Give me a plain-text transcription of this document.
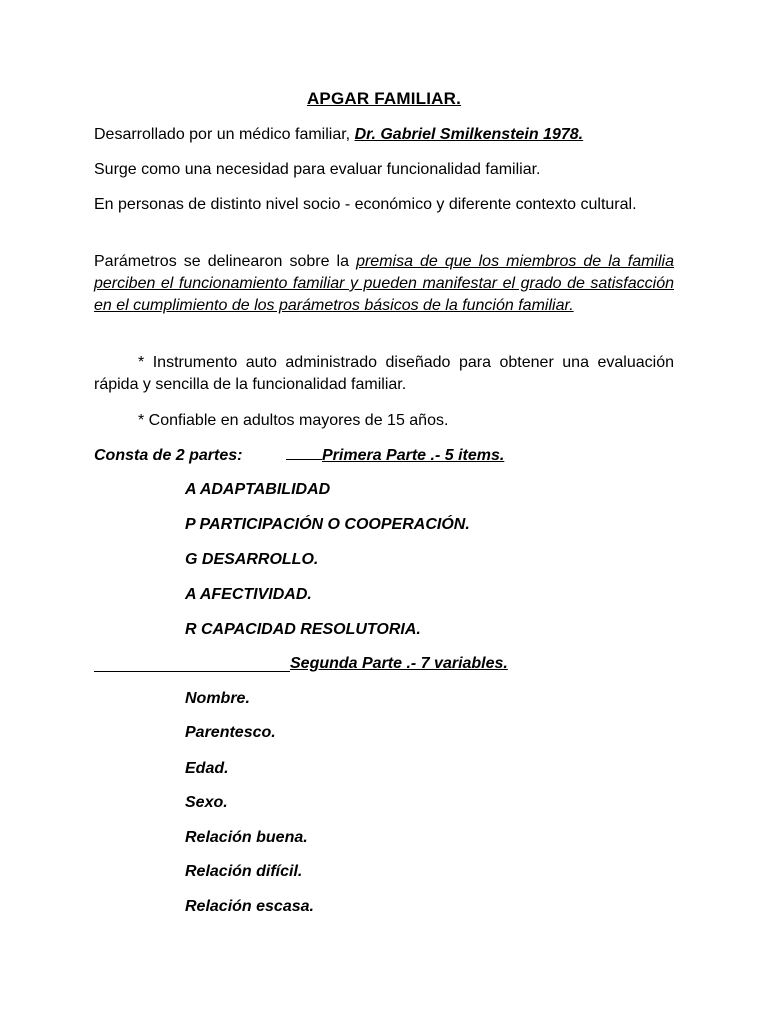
APGAR FAMILIAR.
Desarrollado por un médico familiar, Dr. Gabriel Smilkenstein 1978.
Surge como una necesidad para evaluar funcionalidad familiar.
En personas de distinto nivel socio - económico y diferente contexto cultural.
Parámetros se delinearon sobre la premisa de que los miembros de la familia perciben el funcionamiento familiar y pueden manifestar el grado de satisfacción en el cumplimiento de los parámetros básicos de la función familiar.
* Instrumento auto administrado diseñado para obtener una evaluación rápida y sencilla de la funcionalidad familiar.
* Confiable en adultos mayores de 15 años.
Consta de 2 partes:	Primera Parte .- 5 items.
A ADAPTABILIDAD
P PARTICIPACIÓN O COOPERACIÓN.
G DESARROLLO.
A AFECTIVIDAD.
R CAPACIDAD RESOLUTORIA.
Segunda Parte .- 7 variables.
Nombre.
Parentesco.
Edad.
Sexo.
Relación buena.
Relación difícil.
Relación escasa.
